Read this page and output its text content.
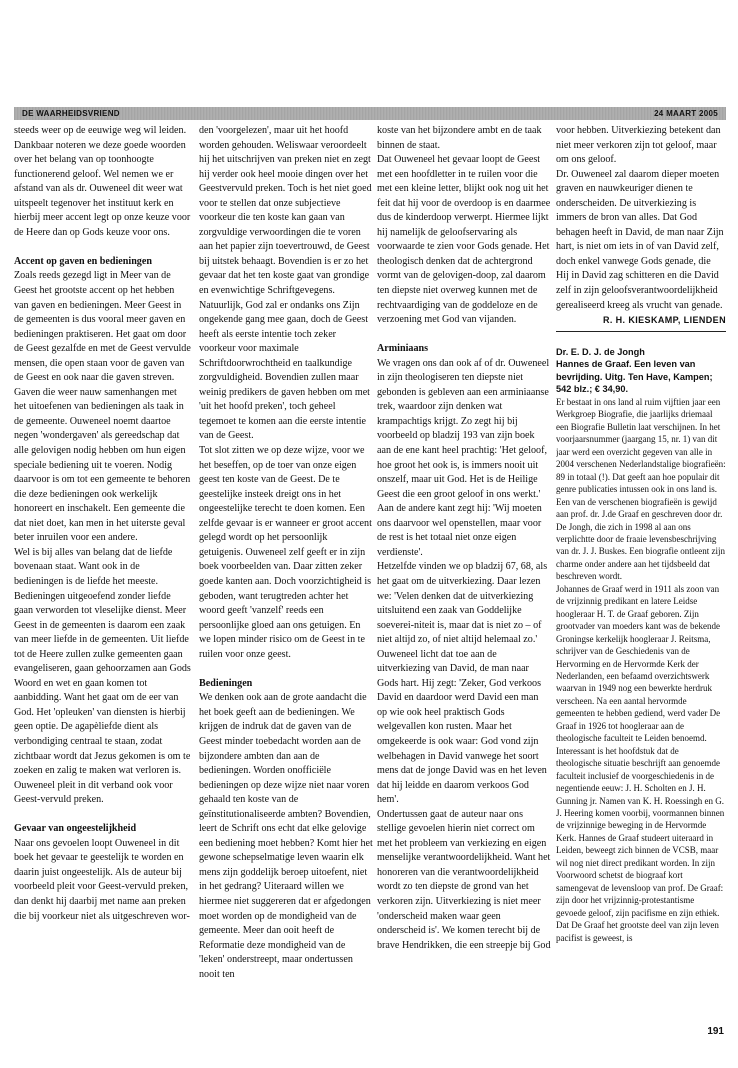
DE WAARHEIDSVRIEND	24 MAART 2005

steeds weer op de eeuwige weg wil leiden.

Dankbaar noteren we deze goede woorden over het belang van op toonhoogte functionerend geloof. Wel nemen we er afstand van als dr. Ouweneel dit weer wat uitspeelt tegenover het instituut kerk en hierbij meer accent legt op onze keuze voor de Heere dan op Gods keuze voor ons.

Accent op gaven en bedieningen

Zoals reeds gezegd ligt in Meer van de Geest het grootste accent op het hebben van gaven en bedieningen. Meer Geest in de gemeenten is dus vooral meer gaven en bedieningen praktiseren. Het gaat om door de Geest gezalfde en met de Geest vervulde mensen, die open staan voor de gaven van de Geest en ook naar die gaven streven. Gaven die weer nauw samenhangen met het uitoefenen van bedieningen als taak in de gemeente. Ouweneel noemt daartoe negen 'wondergaven' als gereedschap dat alle gelovigen nodig hebben om hun eigen speciale bediening uit te voeren. Nodig daarvoor is om tot een gemeente te behoren die deze bedieningen ook werkelijk honoreert en inschakelt. Een gemeente die dat niet doet, kan men in het uiterste geval beter inruilen voor een andere.

Wel is bij alles van belang dat de liefde bovenaan staat. Want ook in de bedieningen is de liefde het meeste. Bedieningen uitgeoefend zonder liefde gaan verworden tot vleselijke dienst. Meer Geest in de gemeenten is daarom een zaak van meer liefde in de gemeenten. Uit liefde tot de Heere zullen zulke gemeenten gaan evangeliseren, gaan gehoorzamen aan Gods Woord en wet en gaan komen tot aanbidding. Want het gaat om de eer van God. Het 'opleuken' van diensten is hierbij geen optie. De agapèliefde dient als verbondiging centraal te staan, zodat zichtbaar wordt dat Jezus gekomen is om te zoeken en zalig te maken wat verloren is. Ouweneel pleit in dit verband ook voor Geest-vervuld preken.

Gevaar van ongeestelijkheid

Naar ons gevoelen loopt Ouweneel in dit boek het gevaar te geestelijk te worden en daarin juist ongeestelijk. Als de auteur bij voorbeeld pleit voor Geest-vervuld preken, dan denkt hij daarbij met name aan preken die bij voorkeur niet als uitgeschreven wor-

den 'voorgelezen', maar uit het hoofd worden gehouden. Weliswaar veroordeelt hij het uitschrijven van preken niet en zegt hij verder ook heel mooie dingen over het Geestvervuld preken. Toch is het niet goed voor te stellen dat onze subjectieve voorkeur die ten koste kan gaan van zorgvuldige verwoordingen die te voren aan het papier zijn toevertrouwd, de Geest bij uitstek behaagt. Bovendien is er zo het gevaar dat het ten koste gaat van grondige en evenwichtige Schriftgevegens. Natuurlijk, God zal er ondanks ons Zijn ongekende gang mee gaan, doch de Geest heeft als eerste intentie toch zeker voorkeur voor maximale Schriftdoorwrochtheid en taalkundige zorgvuldigheid. Bovendien zullen maar weinig predikers de gaven hebben om met 'uit het hoofd preken', toch geheel tegemoet te komen aan die eerste intentie van de Geest.

Tot slot zitten we op deze wijze, voor we het beseffen, op de toer van onze eigen geest ten koste van de Geest. De te geestelijke insteek dreigt ons in het ongeestelijke terecht te doen komen. Een zelfde gevaar is er wanneer er groot accent gelegd wordt op het persoonlijk getuigenis. Ouweneel zelf geeft er in zijn boek voorbeelden van. Daar zitten zeker goede kanten aan. Doch voorzichtigheid is geboden, want terugtreden achter het woord geeft 'vanzelf' reeds een persoonlijke gloed aan ons getuigen. En we lopen minder risico om de Geest in te ruilen voor onze geest.

Bedieningen

We denken ook aan de grote aandacht die het boek geeft aan de bedieningen. We krijgen de indruk dat de gaven van de Geest minder toebedacht worden aan de bijzondere ambten dan aan de bedieningen. Worden onofficiële bedieningen op deze wijze niet naar voren gehaald ten koste van de geïnstitutionaliseerde ambten? Bovendien, leert de Schrift ons echt dat elke gelovige een bediening moet hebben? Komt hier het gewone schepselmatige leven waarin elk mens zijn goddelijk beroep uitoefent, niet in het gedrang? Uiteraard willen we hiermee niet suggereren dat er afgedongen moet worden op de mondigheid van de gemeente. Meer dan ooit heeft de Reformatie deze mondigheid van de 'leken' onderstreept, maar ondertussen nooit ten

koste van het bijzondere ambt en de taak binnen de staat.

Dat Ouweneel het gevaar loopt de Geest met een hoofdletter in te ruilen voor die met een kleine letter, blijkt ook nog uit het feit dat hij voor de overdoop is en daarmee dus de kinderdoop verwerpt. Hiermee lijkt hij namelijk de geloofservaring als voorwaarde te zien voor Gods genade. Het theologisch denken dat de achtergrond vormt van de gelovigen-doop, zal daarom ten diepste niet overweg kunnen met de rechtvaardiging van de goddeloze en de verzoening met God van vijanden.

Arminiaans

We vragen ons dan ook af of dr. Ouweneel in zijn theologiseren ten diepste niet gebonden is gebleven aan een arminiaanse trek, waardoor zijn denken wat krampachtigs krijgt. Zo zegt hij bij voorbeeld op bladzij 193 van zijn boek aan de ene kant heel prachtig: 'Het geloof, hoe groot het ook is, is immers nooit uit onszelf, maar uit God. Het is de Heilige Geest die een groot geloof in ons werkt.' Aan de andere kant zegt hij: 'Wij moeten ons daarvoor wel openstellen, maar voor de rest is het totaal niet onze eigen verdienste'.

Hetzelfde vinden we op bladzij 67, 68, als het gaat om de uitverkiezing. Daar lezen we: 'Velen denken dat de uitverkiezing uitsluitend een zaak van Goddelijke soeverei-niteit is, maar dat is niet zo – of niet altijd zo, of niet altijd helemaal zo.' Ouweneel licht dat toe aan de uitverkiezing van David, de man naar Gods hart. Hij zegt: 'Zeker, God verkoos David en daardoor werd David een man op wie ook heel praktisch Gods welgevallen kon rusten. Maar het omgekeerde is ook waar: God vond zijn welbehagen in David vanwege het soort mens dat de jonge David was en het leven dat hij leidde en daarom verkoos God hem'.

Ondertussen gaat de auteur naar ons stellige gevoelen hierin niet correct om met het probleem van verkiezing en eigen menselijke verantwoordelijkheid. Want het honoreren van die verantwoordelijkheid wordt zo ten diepste de grond van het verkoren zijn. Uitverkiezing is niet meer 'onderscheid maken waar geen onderscheid is'. We komen terecht bij de brave Hendrikken, die een streepje bij God

voor hebben. Uitverkiezing betekent dan niet meer verkoren zijn tot geloof, maar om ons geloof.

Dr. Ouweneel zal daarom dieper moeten graven en nauwkeuriger dienen te onderscheiden. De uitverkiezing is immers de bron van alles. Dat God behagen heeft in David, de man naar Zijn hart, is niet om iets in of van David zelf, doch enkel vanwege Gods genade, die Hij in David zag schitteren en die David zelf in zijn geloofsverantwoordelijkheid gerealiseerd kreeg als vrucht van genade.

R. H. KIESKAMP, LIENDEN

Dr. E. D. J. de Jongh
Hannes de Graaf. Een leven van bevrijding. Uitg. Ten Have, Kampen; 542 blz.; € 34,90.

Er bestaat in ons land al ruim vijftien jaar een Werkgroep Biografie, die jaarlijks driemaal een Biografie Bulletin laat verschijnen. In het voorjaarsnummer (jaargang 15, nr. 1) van dit jaar werd een overzicht gegeven van alle in 2004 verschenen Nederlandstalige biografieën: 89 in totaal (!). Dat geeft aan hoe populair dit genre publicaties intussen ook in ons land is. Een van de verschenen biografieën is gewijd aan prof. dr. J.de Graaf en geschreven door dr. De Jongh, die zich in 1998 al aan ons verplichtte door de fraaie levensbeschrijving van dr. J. J. Buskes. Een biografie ontleent zijn charme onder andere aan het tijdsbeeld dat beschreven wordt.

Johannes de Graaf werd in 1911 als zoon van de vrijzinnig predikant en latere Leidse hoogleraar H. T. de Graaf geboren. Zijn grootvader van moeders kant was de bekende Groningse kerkelijk hoogleraar J. Reitsma, schrijver van de Geschiedenis van de Hervorming en de Hervormde Kerk der Nederlanden, een befaamd overzichtswerk waarvan in 1949 nog een bewerkte herdruk verscheen. Na een aantal hervormde gemeenten te hebben gediend, werd vader De Graaf in 1926 tot hoogleraar aan de theologische faculteit te Leiden benoemd. Interessant is het hoofdstuk dat de theologische situatie beschrijft aan genoemde faculteit inclusief de voorgeschiedenis in de negentiende eeuw: J. H. Scholten en J. H. Gunning jr. Namen van K. H. Roessingh en G. J. Heering komen voorbij, voormannen binnen de vrijzinnige beweging in de Hervormde Kerk. Hannes de Graaf studeert uiteraard in Leiden, beweegt zich binnen de VCSB, maar wil nog niet direct predikant worden. In zijn Voorwoord schetst de biograaf kort samengevat de levensloop van prof. De Graaf: zijn door het vrijzinnig-protestantisme gevoede geloof, zijn pacifisme en zijn ethiek. Dat De Graaf het grootste deel van zijn leven pacifist is geweest, is

191
